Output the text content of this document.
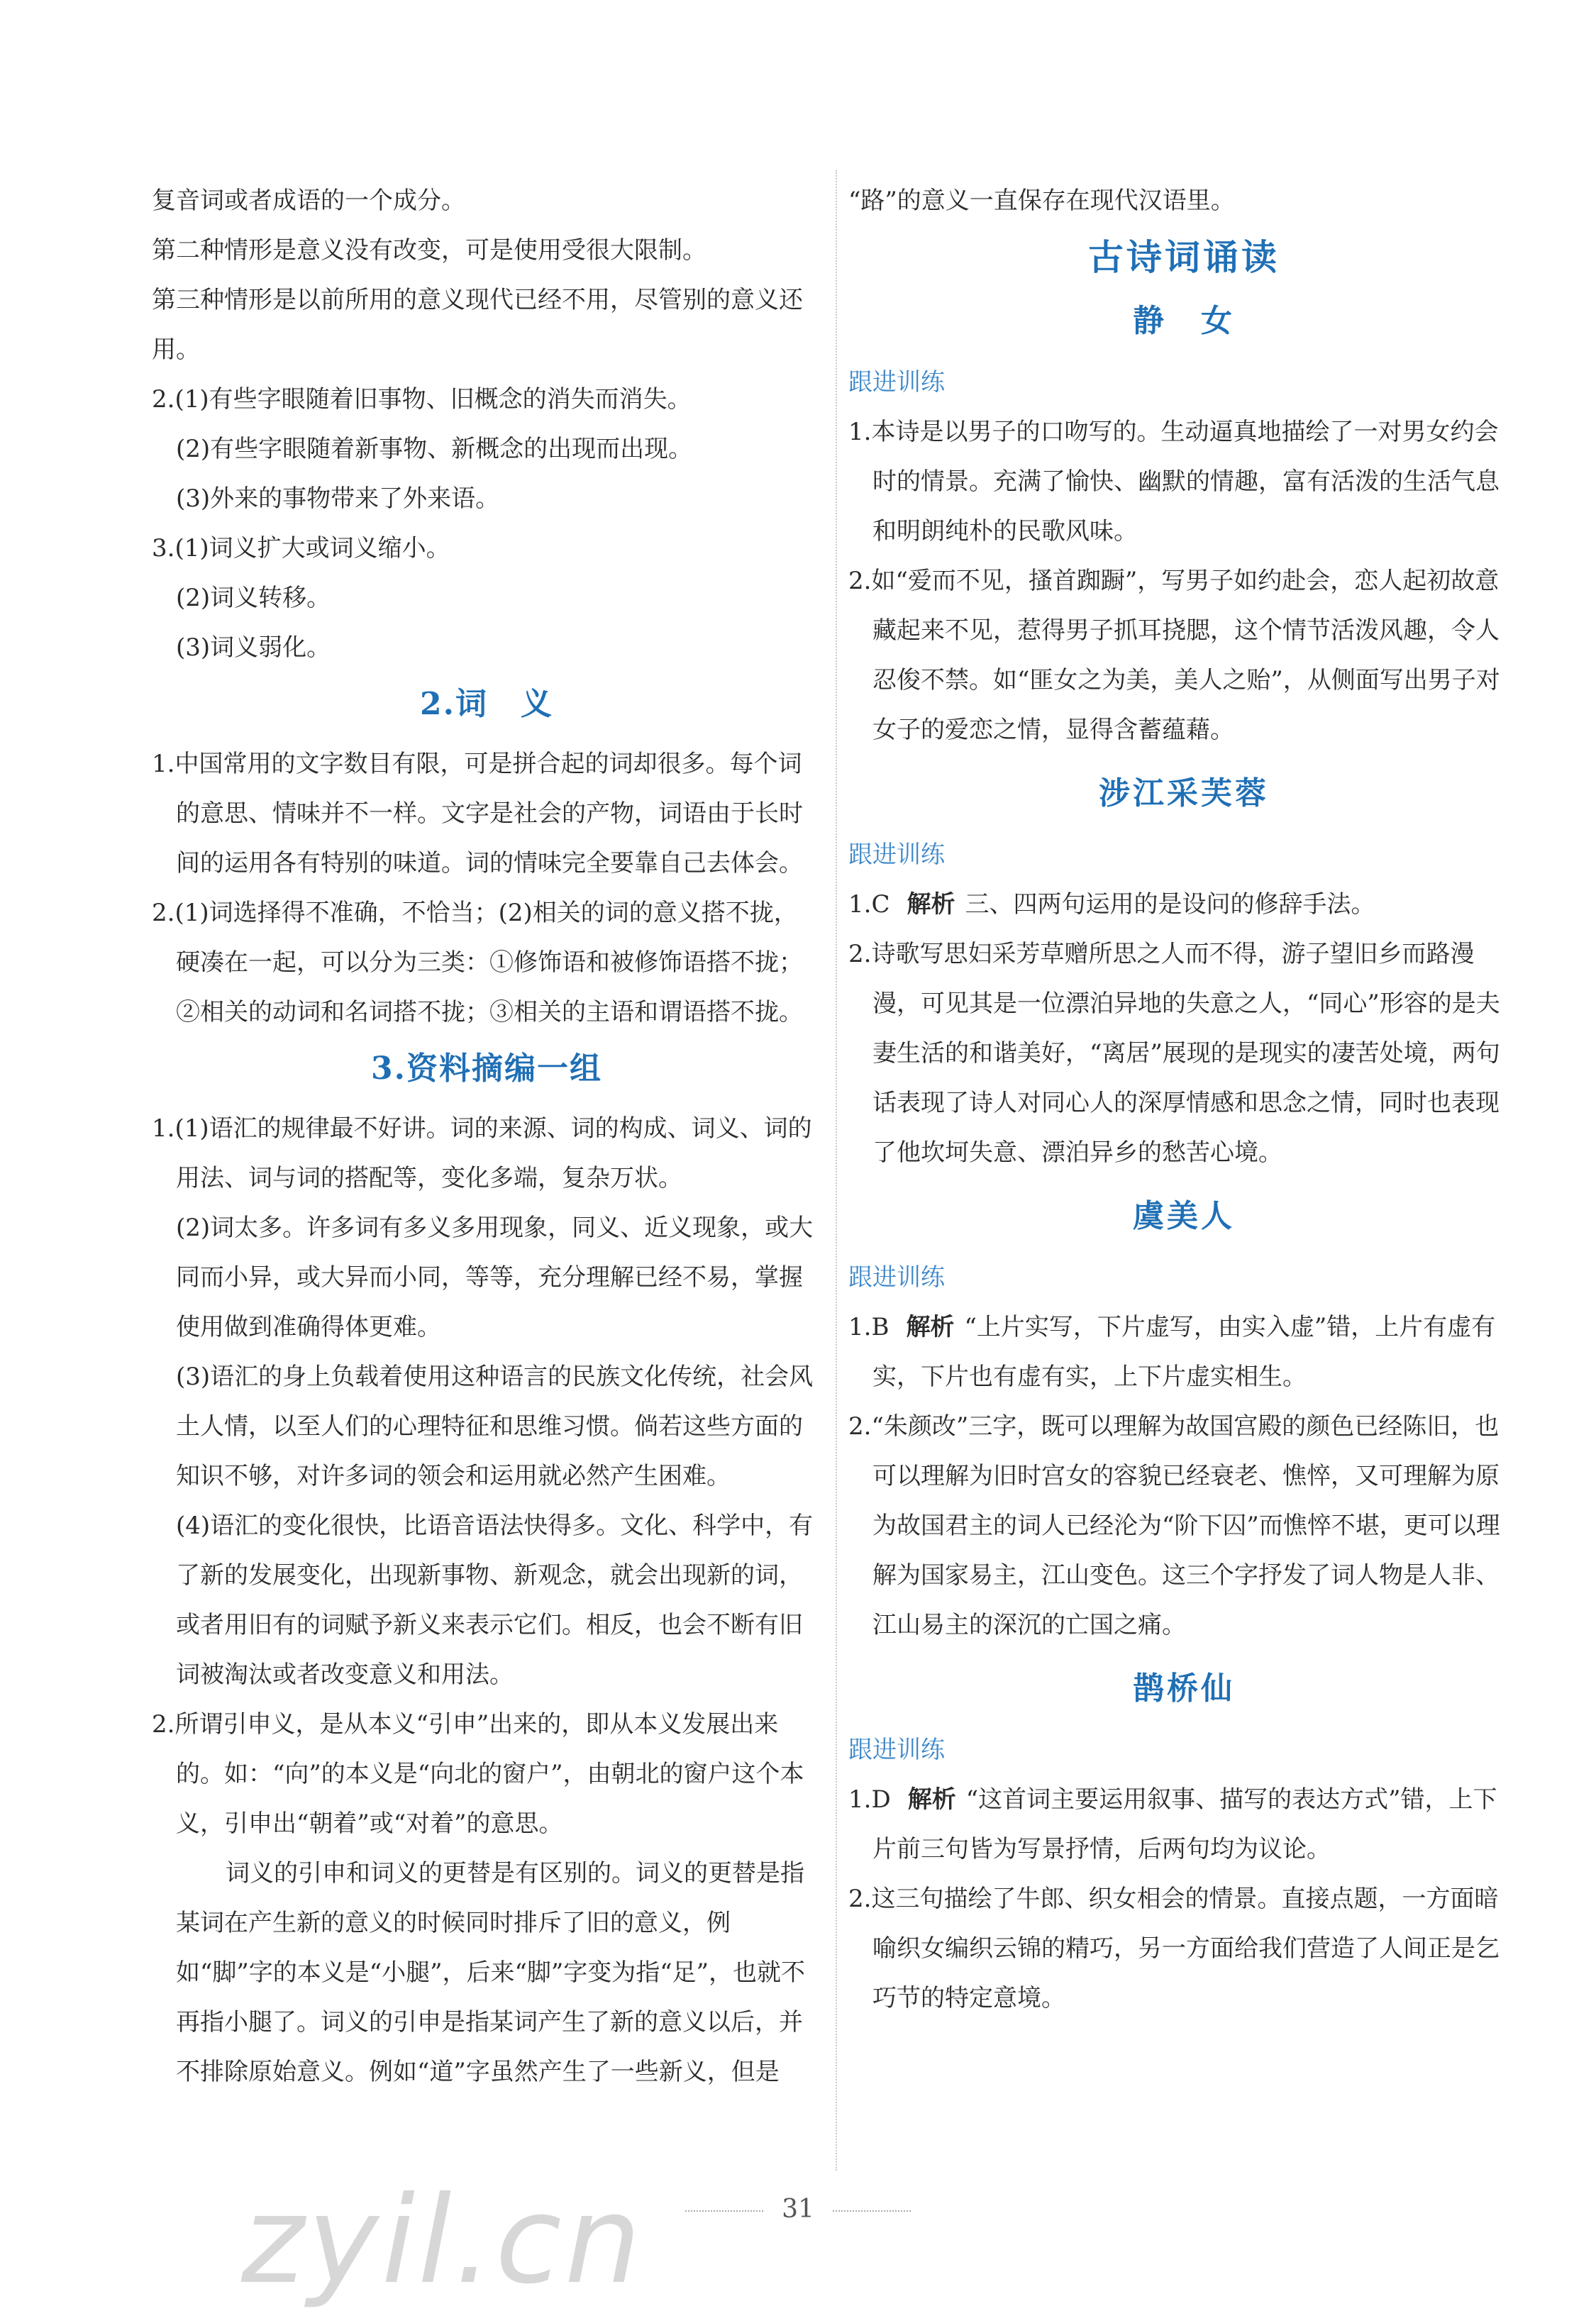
复音词或者成语的一个成分。

第二种情形是意义没有改变，可是使用受很大限制。

第三种情形是以前所用的意义现代已经不用，尽管别的意义还用。

2.(1)有些字眼随着旧事物、旧概念的消失而消失。

(2)有些字眼随着新事物、新概念的出现而出现。

(3)外来的事物带来了外来语。

3.(1)词义扩大或词义缩小。

(2)词义转移。

(3)词义弱化。

2.词　义

1.中国常用的文字数目有限，可是拼合起的词却很多。每个词的意思、情味并不一样。文字是社会的产物，词语由于长时间的运用各有特别的味道。词的情味完全要靠自己去体会。

2.(1)词选择得不准确，不恰当；(2)相关的词的意义搭不拢，硬凑在一起，可以分为三类：①修饰语和被修饰语搭不拢；②相关的动词和名词搭不拢；③相关的主语和谓语搭不拢。

3.资料摘编一组

1.(1)语汇的规律最不好讲。词的来源、词的构成、词义、词的用法、词与词的搭配等，变化多端，复杂万状。

(2)词太多。许多词有多义多用现象，同义、近义现象，或大同而小异，或大异而小同，等等，充分理解已经不易，掌握使用做到准确得体更难。

(3)语汇的身上负载着使用这种语言的民族文化传统，社会风土人情，以至人们的心理特征和思维习惯。倘若这些方面的知识不够，对许多词的领会和运用就必然产生困难。

(4)语汇的变化很快，比语音语法快得多。文化、科学中，有了新的发展变化，出现新事物、新观念，就会出现新的词，或者用旧有的词赋予新义来表示它们。相反，也会不断有旧词被淘汰或者改变意义和用法。

2.所谓引申义，是从本义“引申”出来的，即从本义发展出来的。如：“向”的本义是“向北的窗户”，由朝北的窗户这个本义，引申出“朝着”或“对着”的意思。

词义的引申和词义的更替是有区别的。词义的更替是指某词在产生新的意义的时候同时排斥了旧的意义，例如“脚”字的本义是“小腿”，后来“脚”字变为指“足”，也就不再指小腿了。词义的引申是指某词产生了新的意义以后，并不排除原始意义。例如“道”字虽然产生了一些新义，但是

“路”的意义一直保存在现代汉语里。

古诗词诵读
静　女
跟进训练

1.本诗是以男子的口吻写的。生动逼真地描绘了一对男女约会时的情景。充满了愉快、幽默的情趣，富有活泼的生活气息和明朗纯朴的民歌风味。

2.如“爱而不见，搔首踟蹰”，写男子如约赴会，恋人起初故意藏起来不见，惹得男子抓耳挠腮，这个情节活泼风趣，令人忍俊不禁。如“匪女之为美，美人之贻”，从侧面写出男子对女子的爱恋之情，显得含蓄蕴藉。

涉江采芙蓉
跟进训练

1.C 解析 三、四两句运用的是设问的修辞手法。

2.诗歌写思妇采芳草赠所思之人而不得，游子望旧乡而路漫漫，可见其是一位漂泊异地的失意之人，“同心”形容的是夫妻生活的和谐美好，“离居”展现的是现实的凄苦处境，两句话表现了诗人对同心人的深厚情感和思念之情，同时也表现了他坎坷失意、漂泊异乡的愁苦心境。

虞美人
跟进训练

1.B 解析 “上片实写，下片虚写，由实入虚”错，上片有虚有实，下片也有虚有实，上下片虚实相生。

2.“朱颜改”三字，既可以理解为故国宫殿的颜色已经陈旧，也可以理解为旧时宫女的容貌已经衰老、憔悴，又可理解为原为故国君主的词人已经沦为“阶下囚”而憔悴不堪，更可以理解为国家易主，江山变色。这三个字抒发了词人物是人非、江山易主的深沉的亡国之痛。

鹊桥仙
跟进训练

1.D 解析 “这首词主要运用叙事、描写的表达方式”错，上下片前三句皆为写景抒情，后两句均为议论。

2.这三句描绘了牛郎、织女相会的情景。直接点题，一方面暗喻织女编织云锦的精巧，另一方面给我们营造了人间正是乞巧节的特定意境。

31
zyil.cn
